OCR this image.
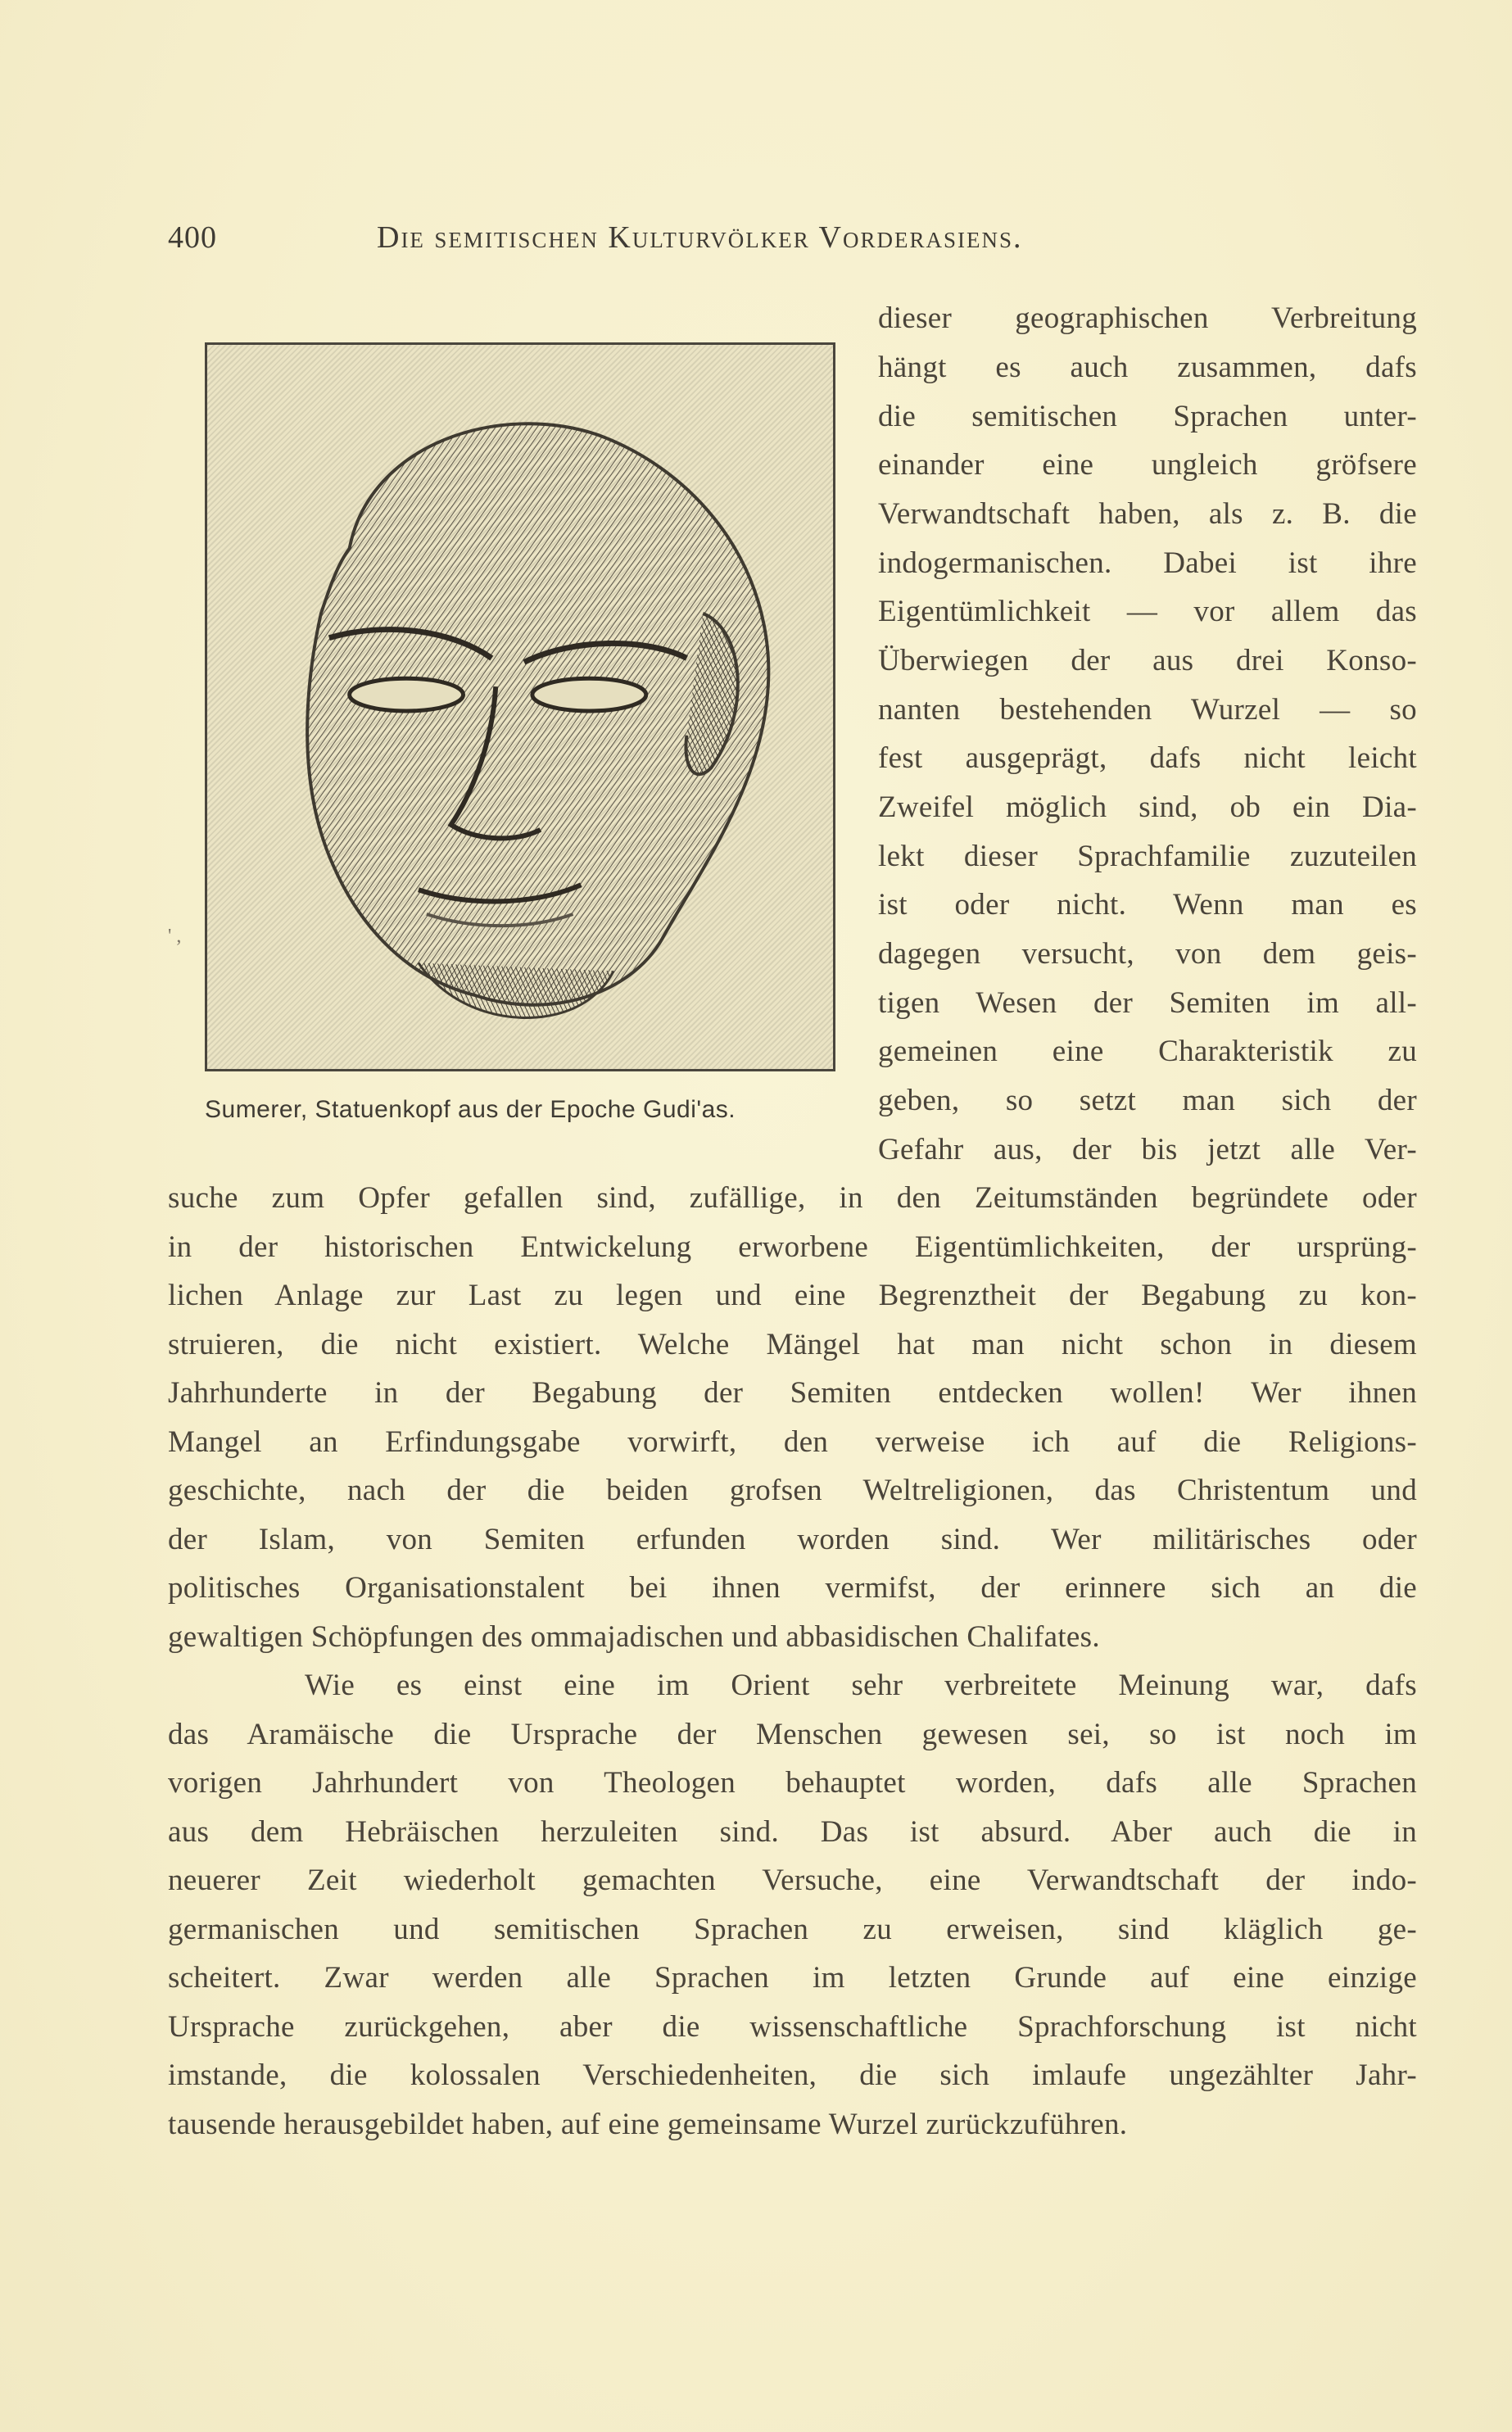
400	Die semitischen Kulturvölker Vorderasiens.
' ,
Sumerer, Statuenkopf aus der Epoche Gudi'as.
dieser geographischen Verbreitung
hängt es auch zusammen, dafs
die semitischen Sprachen unter-
einander eine ungleich gröfsere
Verwandtschaft haben, als z. B. die
indogermanischen. Dabei ist ihre
Eigentümlichkeit — vor allem das
Überwiegen der aus drei Konso-
nanten bestehenden Wurzel — so
fest ausgeprägt, dafs nicht leicht
Zweifel möglich sind, ob ein Dia-
lekt dieser Sprachfamilie zuzuteilen
ist oder nicht. Wenn man es
dagegen versucht, von dem geis-
tigen Wesen der Semiten im all-
gemeinen eine Charakteristik zu
geben, so setzt man sich der
Gefahr aus, der bis jetzt alle Ver-
suche zum Opfer gefallen sind, zufällige, in den Zeitumständen begründete oder
in der historischen Entwickelung erworbene Eigentümlichkeiten, der ursprüng-
lichen Anlage zur Last zu legen und eine Begrenztheit der Begabung zu kon-
struieren, die nicht existiert. Welche Mängel hat man nicht schon in diesem
Jahrhunderte in der Begabung der Semiten entdecken wollen! Wer ihnen
Mangel an Erfindungsgabe vorwirft, den verweise ich auf die Religions-
geschichte, nach der die beiden grofsen Weltreligionen, das Christentum und
der Islam, von Semiten erfunden worden sind. Wer militärisches oder
politisches Organisationstalent bei ihnen vermifst, der erinnere sich an die
gewaltigen Schöpfungen des ommajadischen und abbasidischen Chalifates.
Wie es einst eine im Orient sehr verbreitete Meinung war, dafs
das Aramäische die Ursprache der Menschen gewesen sei, so ist noch im
vorigen Jahrhundert von Theologen behauptet worden, dafs alle Sprachen
aus dem Hebräischen herzuleiten sind. Das ist absurd. Aber auch die in
neuerer Zeit wiederholt gemachten Versuche, eine Verwandtschaft der indo-
germanischen und semitischen Sprachen zu erweisen, sind kläglich ge-
scheitert. Zwar werden alle Sprachen im letzten Grunde auf eine einzige
Ursprache zurückgehen, aber die wissenschaftliche Sprachforschung ist nicht
imstande, die kolossalen Verschiedenheiten, die sich imlaufe ungezählter Jahr-
tausende herausgebildet haben, auf eine gemeinsame Wurzel zurückzuführen.
